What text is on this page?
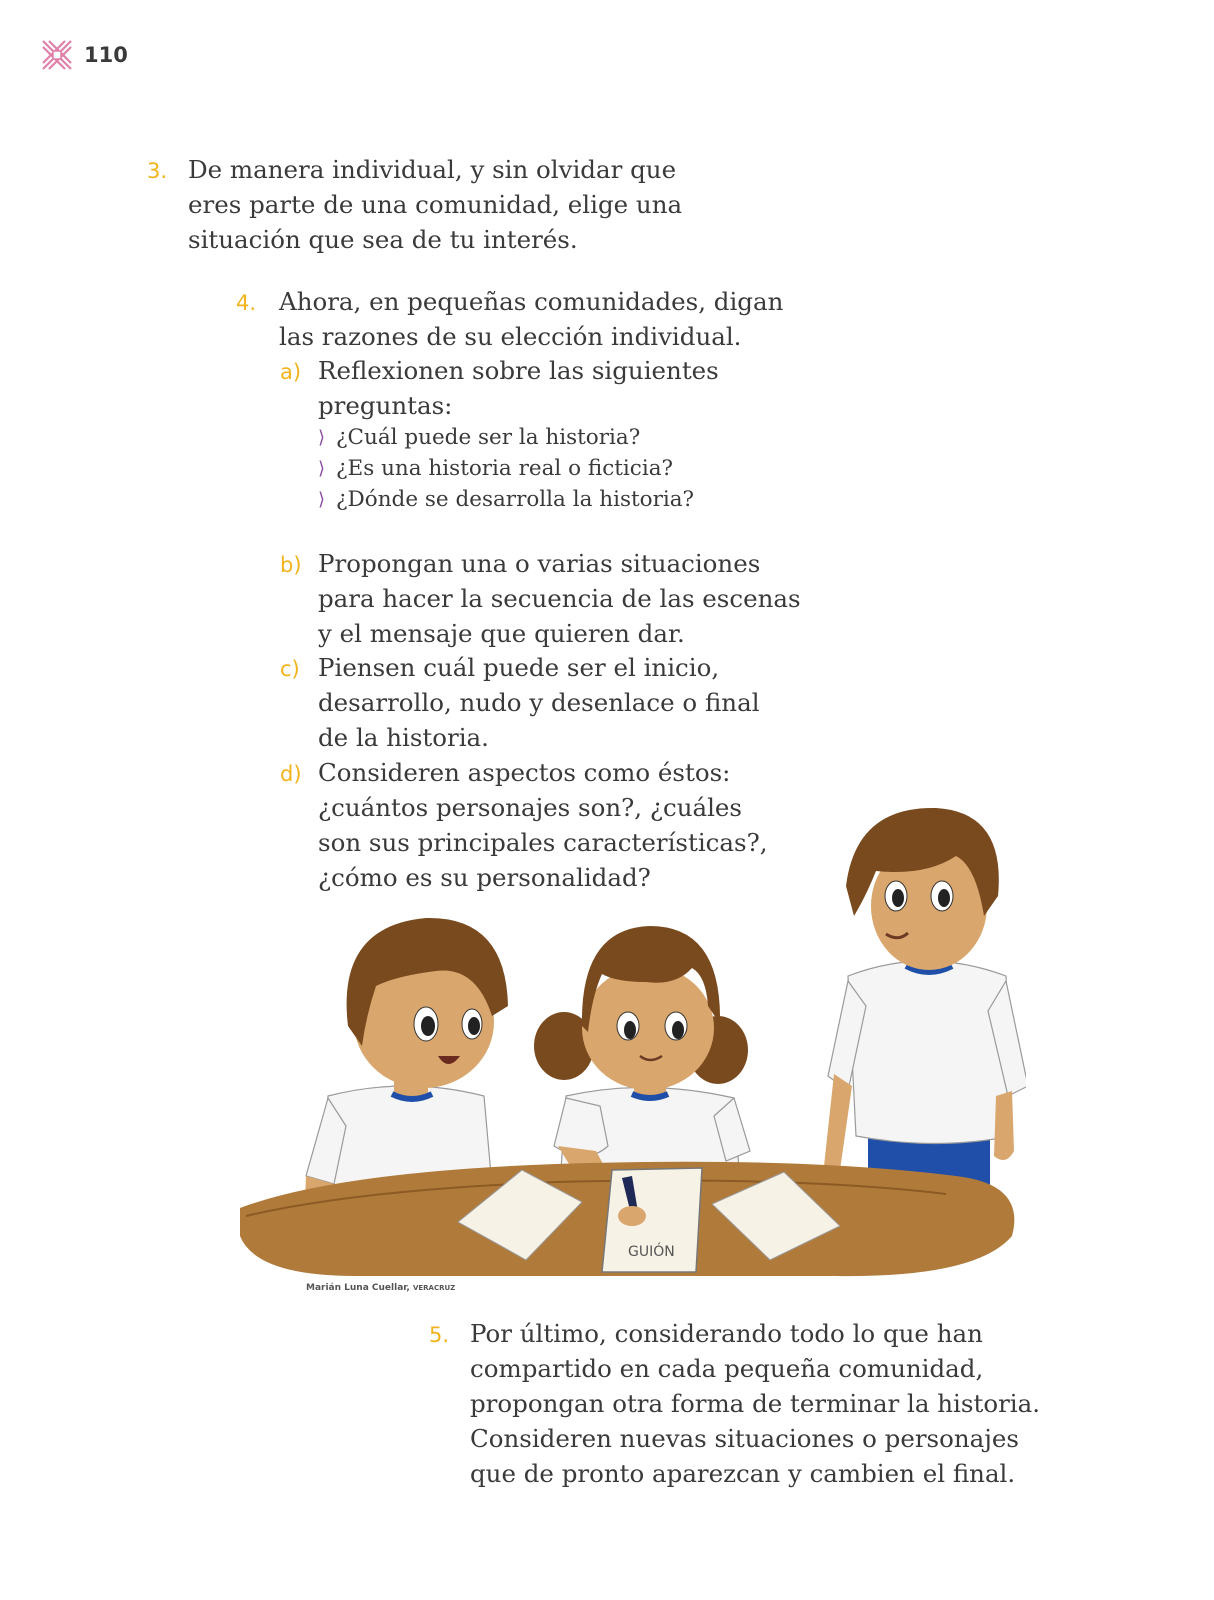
110
3. De manera individual, y sin olvidar que
eres parte de una comunidad, elige una
situación que sea de tu interés.
4. Ahora, en pequeñas comunidades, digan
las razones de su elección individual.
a) Reflexionen sobre las siguientes
preguntas:
⟩ ¿Cuál puede ser la historia?
⟩ ¿Es una historia real o ficticia?
⟩ ¿Dónde se desarrolla la historia?
b) Propongan una o varias situaciones
para hacer la secuencia de las escenas
y el mensaje que quieren dar.
c) Piensen cuál puede ser el inicio,
desarrollo, nudo y desenlace o final
de la historia.
d) Consideren aspectos como éstos:
¿cuántos personajes son?, ¿cuáles
son sus principales características?,
¿cómo es su personalidad?
GUIÓN
Marián Luna Cuellar, VERACRUZ
5. Por último, considerando todo lo que han
compartido en cada pequeña comunidad,
propongan otra forma de terminar la historia.
Consideren nuevas situaciones o personajes
que de pronto aparezcan y cambien el final.
